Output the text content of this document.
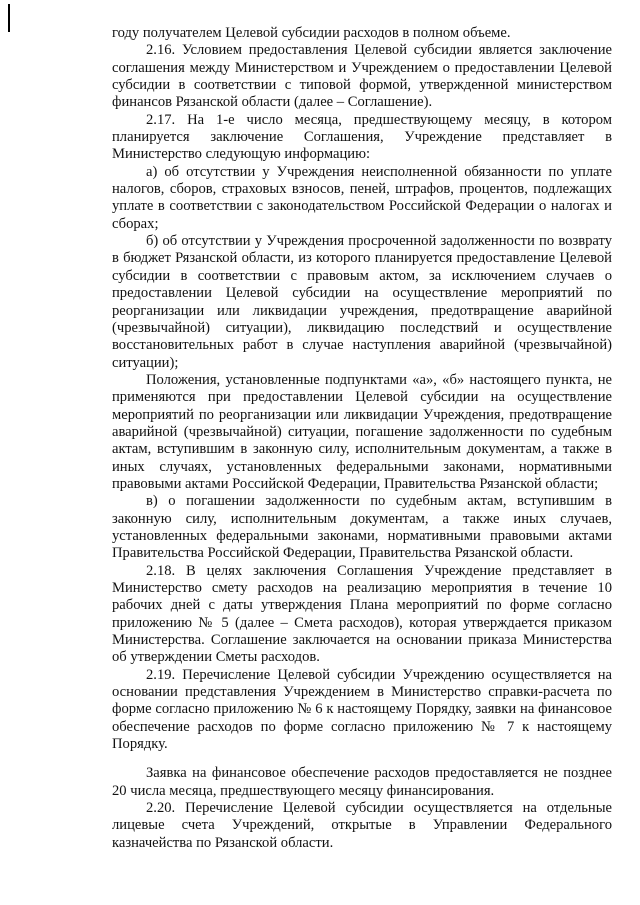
году получателем Целевой субсидии расходов в полном объеме.

2.16. Условием предоставления Целевой субсидии является заключение соглашения между Министерством и Учреждением о предоставлении Целевой субсидии в соответствии с типовой формой, утвержденной министерством финансов Рязанской области (далее – Соглашение).

2.17. На 1-е число месяца, предшествующему месяцу, в котором планируется заключение Соглашения, Учреждение представляет в Министерство следующую информацию:

а) об отсутствии у Учреждения неисполненной обязанности по уплате налогов, сборов, страховых взносов, пеней, штрафов, процентов, подлежащих уплате в соответствии с законодательством Российской Федерации о налогах и сборах;

б) об отсутствии у Учреждения просроченной задолженности по возврату в бюджет Рязанской области, из которого планируется предоставление Целевой субсидии в соответствии с правовым актом, за исключением случаев о предоставлении Целевой субсидии на осуществление мероприятий по реорганизации или ликвидации учреждения, предотвращение аварийной (чрезвычайной) ситуации), ликвидацию последствий и осуществление восстановительных работ в случае наступления аварийной (чрезвычайной) ситуации);

Положения, установленные подпунктами «а», «б» настоящего пункта, не применяются при предоставлении Целевой субсидии на осуществление мероприятий по реорганизации или ликвидации Учреждения, предотвращение аварийной (чрезвычайной) ситуации, погашение задолженности по судебным актам, вступившим в законную силу, исполнительным документам, а также в иных случаях, установленных федеральными законами, нормативными правовыми актами Российской Федерации, Правительства Рязанской области;

в) о погашении задолженности по судебным актам, вступившим в законную силу, исполнительным документам, а также иных случаев, установленных федеральными законами, нормативными правовыми актами Правительства Российской Федерации, Правительства Рязанской области.

2.18. В целях заключения Соглашения Учреждение представляет в Министерство смету расходов на реализацию мероприятия в течение 10 рабочих дней с даты утверждения Плана мероприятий по форме согласно приложению № 5 (далее – Смета расходов), которая утверждается приказом Министерства. Соглашение заключается на основании приказа Министерства об утверждении Сметы расходов.

2.19. Перечисление Целевой субсидии Учреждению осуществляется на основании представления Учреждением в Министерство справки-расчета по форме согласно приложению № 6 к настоящему Порядку, заявки на финансовое обеспечение расходов по форме согласно приложению № 7 к настоящему Порядку.

Заявка на финансовое обеспечение расходов предоставляется не позднее 20 числа месяца, предшествующего месяцу финансирования.

2.20. Перечисление Целевой субсидии осуществляется на отдельные лицевые счета Учреждений, открытые в Управлении Федерального казначейства по Рязанской области.
